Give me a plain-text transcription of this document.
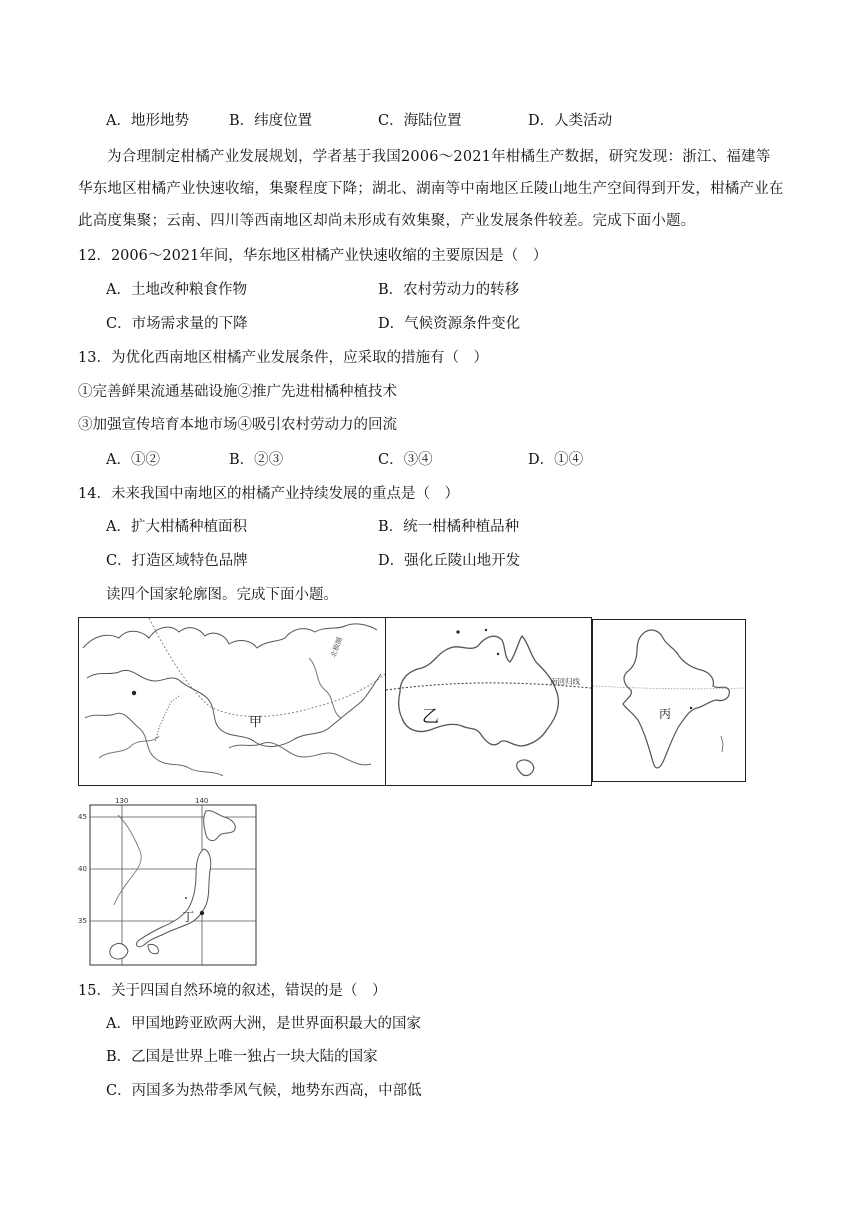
A．地形地势	B．纬度位置	C．海陆位置	D．人类活动
为合理制定柑橘产业发展规划，学者基于我国2006～2021年柑橘生产数据，研究发现：浙江、福建等华东地区柑橘产业快速收缩，集聚程度下降；湖北、湖南等中南地区丘陵山地生产空间得到开发，柑橘产业在此高度集聚；云南、四川等西南地区却尚未形成有效集聚，产业发展条件较差。完成下面小题。
12．2006～2021年间，华东地区柑橘产业快速收缩的主要原因是（　）
A．土地改种粮食作物	B．农村劳动力的转移
C．市场需求量的下降	D．气候资源条件变化
13．为优化西南地区柑橘产业发展条件，应采取的措施有（　）
①完善鲜果流通基础设施②推广先进柑橘种植技术
③加强宣传培育本地市场④吸引农村劳动力的回流
A．①②	B．②③	C．③④	D．①④
14．未来我国中南地区的柑橘产业持续发展的重点是（　）
A．扩大柑橘种植面积	B．统一柑橘种植品种
C．打造区域特色品牌	D．强化丘陵山地开发
读四个国家轮廓图。完成下面小题。
北极圈
甲
南回归线
乙	丙
130	140
45
40
35	丁
15．关于四国自然环境的叙述，错误的是（　）
A．甲国地跨亚欧两大洲，是世界面积最大的国家
B．乙国是世界上唯一独占一块大陆的国家
C．丙国多为热带季风气候，地势东西高，中部低
